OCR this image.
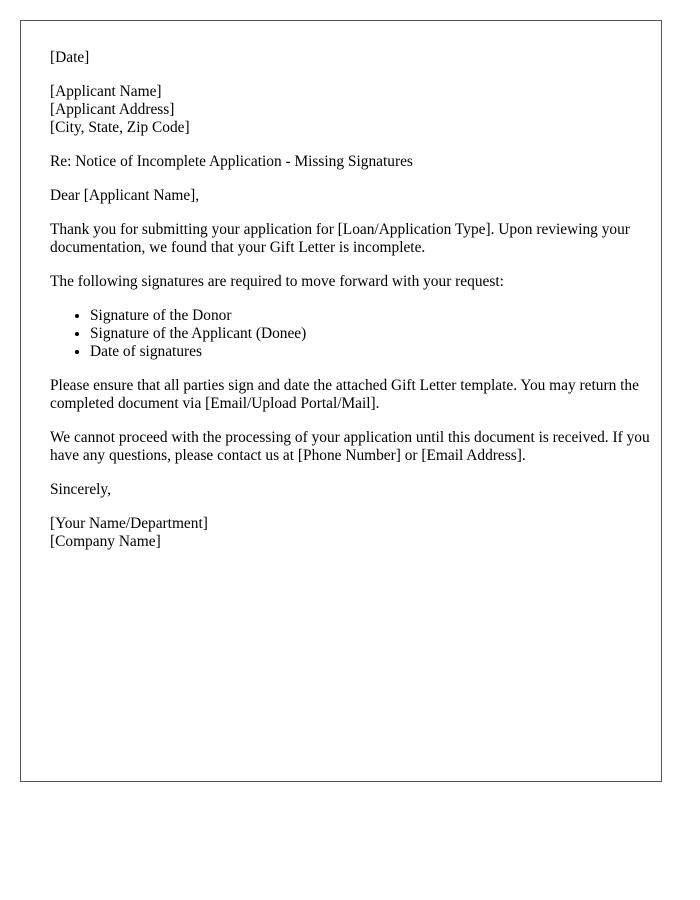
[Date]

[Applicant Name]
[Applicant Address]
[City, State, Zip Code]

Re: Notice of Incomplete Application - Missing Signatures

Dear [Applicant Name],

Thank you for submitting your application for [Loan/Application Type]. Upon reviewing your documentation, we found that your Gift Letter is incomplete.

The following signatures are required to move forward with your request:

• Signature of the Donor
• Signature of the Applicant (Donee)
• Date of signatures

Please ensure that all parties sign and date the attached Gift Letter template. You may return the completed document via [Email/Upload Portal/Mail].

We cannot proceed with the processing of your application until this document is received. If you have any questions, please contact us at [Phone Number] or [Email Address].

Sincerely,

[Your Name/Department]
[Company Name]
